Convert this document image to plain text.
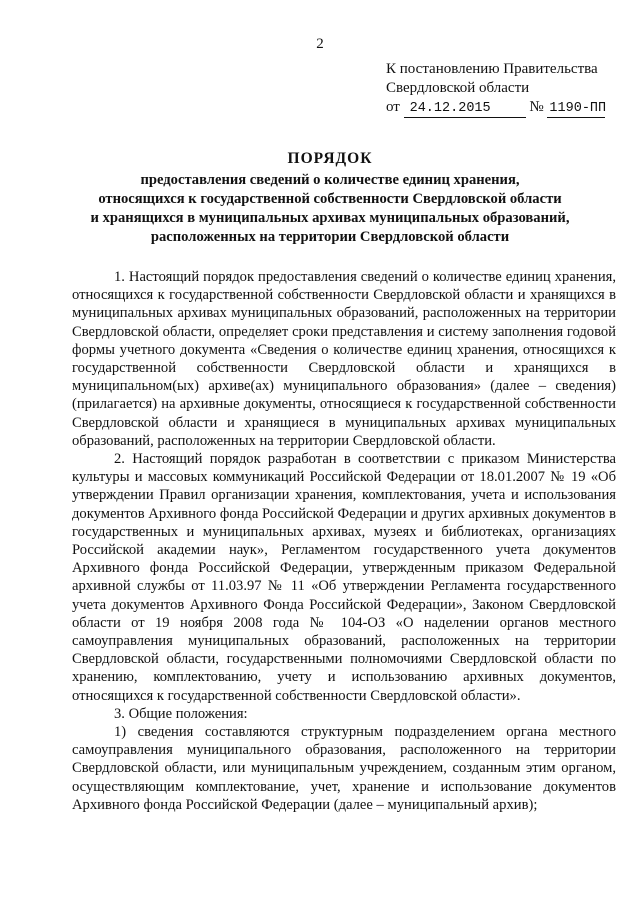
2
К постановлению Правительства
Свердловской области
от 24.12.2015	№ 1190-ПП
ПОРЯДОК
предоставления сведений о количестве единиц хранения,
относящихся к государственной собственности Свердловской области
и хранящихся в муниципальных архивах муниципальных образований,
расположенных на территории Свердловской области

1. Настоящий порядок предоставления сведений о количестве единиц хранения, относящихся к государственной собственности Свердловской области и хранящихся в муниципальных архивах муниципальных образований, расположенных на территории Свердловской области, определяет сроки представления и систему заполнения годовой формы учетного документа «Сведения о количестве единиц хранения, относящихся к государственной собственности Свердловской области и хранящихся в муниципальном(ых) архиве(ах) муниципального образования» (далее – сведения) (прилагается) на архивные документы, относящиеся к государственной собственности Свердловской области и хранящиеся в муниципальных архивах муниципальных образований, расположенных на территории Свердловской области.

2. Настоящий порядок разработан в соответствии с приказом Министерства культуры и массовых коммуникаций Российской Федерации от 18.01.2007 № 19 «Об утверждении Правил организации хранения, комплектования, учета и использования документов Архивного фонда Российской Федерации и других архивных документов в государственных и муниципальных архивах, музеях и библиотеках, организациях Российской академии наук», Регламентом государственного учета документов Архивного фонда Российской Федерации, утвержденным приказом Федеральной архивной службы от 11.03.97 № 11 «Об утверждении Регламента государственного учета документов Архивного Фонда Российской Федерации», Законом Свердловской области от 19 ноября 2008 года № 104-ОЗ «О наделении органов местного самоуправления муниципальных образований, расположенных на территории Свердловской области, государственными полномочиями Свердловской области по хранению, комплектованию, учету и использованию архивных документов, относящихся к государственной собственности Свердловской области».

3. Общие положения:

1) сведения составляются структурным подразделением органа местного самоуправления муниципального образования, расположенного на территории Свердловской области, или муниципальным учреждением, созданным этим органом, осуществляющим комплектование, учет, хранение и использование документов Архивного фонда Российской Федерации (далее – муниципальный архив);
